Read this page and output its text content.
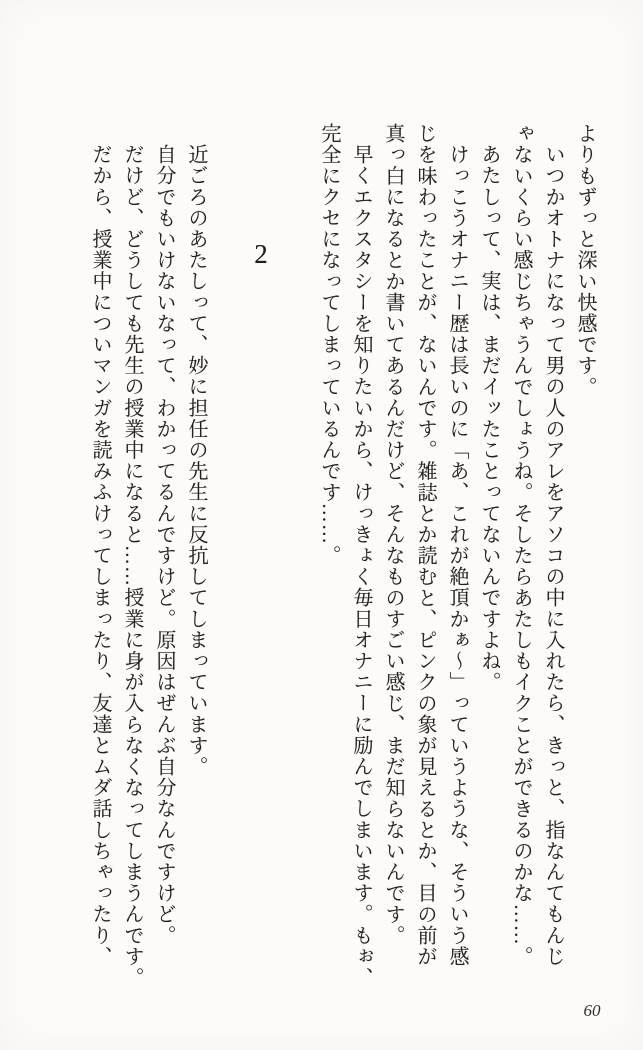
よりもずっと深い快感です。
いつかオトナになって男の人のアレをアソコの中に入れたら、きっと、指なんてもんじ
ゃないくらい感じちゃうんでしょうね。そしたらあたしもイクことができるのかな……。
あたしって、実は、まだイッたことってないんですよね。
けっこうオナニー歴は長いのに「あ、これが絶頂かぁ〜」っていうような、そういう感
じを味わったことが、ないんです。雑誌とか読むと、ピンクの象が見えるとか、目の前が
真っ白になるとか書いてあるんだけど、そんなものすごい感じ、まだ知らないんです。
早くエクスタシーを知りたいから、けっきょく毎日オナニーに励んでしまいます。もぉ、
完全にクセになってしまっているんです……。
2
近ごろのあたしって、妙に担任の先生に反抗してしまっています。
自分でもいけないなって、わかってるんですけど。原因はぜんぶ自分なんですけど。
だけど、どうしても先生の授業中になると……授業に身が入らなくなってしまうんです。
だから、授業中についマンガを読みふけってしまったり、友達とムダ話しちゃったり、
60
